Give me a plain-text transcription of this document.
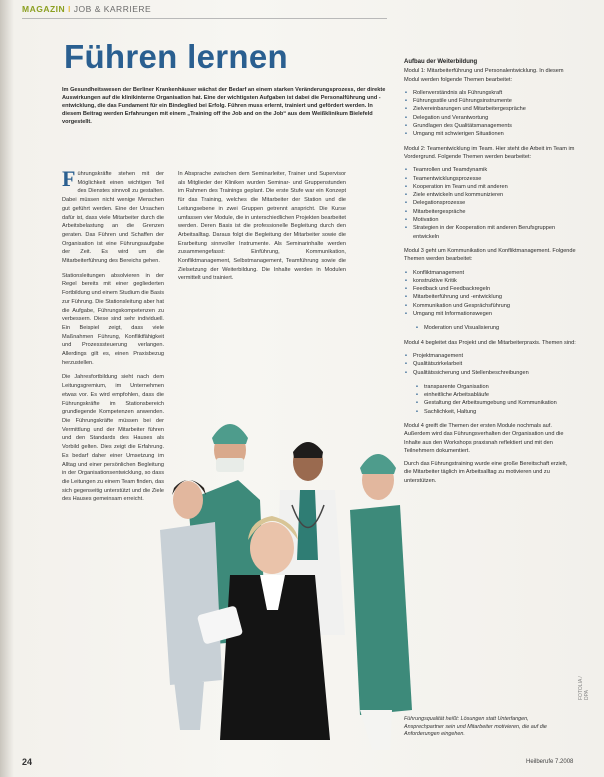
MAGAZIN I JOB & KARRIERE
Führen lernen
Im Gesundheitswesen der Berliner Krankenhäuser wächst der Bedarf an einem starken Veränderungsprozess, der direkte Auswirkungen auf die klinikinterne Organisation hat. Eine der wichtigsten Aufgaben ist dabei die Personalführung und -entwicklung, die das Fundament für ein Bindeglied bei Erfolg. Führen muss erlernt, trainiert und gefördert werden. In diesem Beitrag werden Erfahrungen mit einem „Training off the Job and on the Job“ aus dem Weißklinikum Bielefeld vorgestellt.

Führungskräfte stehen mit der Möglichkeit einen wichtigen Teil des Dienstes sinnvoll zu gestalten. Dabei müssen nicht wenige Menschen gut geführt werden. Eine der Ursachen dafür ist, dass viele Mitarbeiter durch die Arbeitsbelastung an die Grenzen geraten. Das Führen und Schaffen der Organisation ist eine Führungsaufgabe der Zeit. Es wird um die Mitarbeiterführung des Bereichs gehen.

Stationsleitungen absolvieren in der Regel bereits mit einer gegliederten Fortbildung und einem Studium die Basis zur Führung. Die Stationsleitung aber hat die Aufgabe, Führungskompetenzen zu verbessern. Diese sind sehr individuell. Ein Beispiel zeigt, dass viele Maßnahmen Führung, Konfliktfähigkeit und Prozesssteuerung verlangen. Allerdings gilt es, einen Praxisbezug herzustellen.

Die Jahresfortbildung sieht nach dem Leitungsgremium, im Unternehmen etwas vor. Es wird empfohlen, dass die Führungskräfte im Stationsbereich grundlegende Kompetenzen anwenden. Die Führungskräfte müssen bei der Vermittlung und der Mitarbeiter führen und den Standards des Hauses als Vorbild gelten. Dies zeigt die Erfahrung. Es bedarf daher einer Umsetzung im Alltag und einer persönlichen Begleitung in der Organisationsentwicklung, so dass die Leitungen zu einem Team finden, das sich gegenseitig unterstützt und die Ziele des Hauses gemeinsam erreicht.

In Absprache zwischen dem Seminarleiter, Trainer und Supervisor als Mitglieder der Kliniken wurden Seminar- und Gruppenstunden im Rahmen des Trainings geplant. Die erste Stufe war ein Konzept für das Training, welches die Mitarbeiter der Station und die Leitungsebene in zwei Gruppen getrennt anspricht. Die Kurse umfassen vier Module, die in unterschiedlichen Projekten bearbeitet werden. Deren Basis ist die professionelle Begleitung durch den Arbeitsalltag. Daraus folgt die Begleitung der Mitarbeiter sowie die Erarbeitung sinnvoller Instrumente. Als Seminarinhalte werden zusammengefasst: Einführung, Kommunikation, Konfliktmanagement, Selbstmanagement, Teamführung sowie die Zielsetzung der Weiterbildung. Die Inhalte werden in Modulen vermittelt und trainiert.

Aufbau der Weiterbildung

Modul 1: Mitarbeiterführung und Personalentwicklung. In diesem Modul werden folgende Themen bearbeitet:

• Rollenverständnis als Führungskraft
• Führungsstile und Führungsinstrumente
• Zielvereinbarungen und Mitarbeitergespräche
• Delegation und Verantwortung
• Grundlagen des Qualitätsmanagements
• Umgang mit schwierigen Situationen

Modul 2: Teamentwicklung im Team. Hier steht die Arbeit im Team im Vordergrund. Folgende Themen werden bearbeitet:

• Teamrollen und Teamdynamik
• Teamentwicklungsprozesse
• Kooperation im Team und mit anderen
• Ziele entwickeln und kommunizieren
• Delegationsprozesse
• Mitarbeitergespräche
• Motivation
• Strategien in der Kooperation mit anderen Berufsgruppen entwickeln

Modul 3 geht um Kommunikation und Konfliktmanagement. Folgende Themen werden bearbeitet:

• Konfliktmanagement
• konstruktive Kritik
• Feedback und Feedbackregeln
• Mitarbeiterführung und -entwicklung
• Kommunikation und Gesprächsführung
• Umgang mit Informationswegen
• Moderation und Visualisierung

Modul 4 begleitet das Projekt und die Mitarbeiterpraxis. Themen sind:

• Projektmanagement
• Qualitätszirkelarbeit
• Qualitätssicherung und Stellenbeschreibungen
• transparente Organisation
• einheitliche Arbeitsabläufe
• Gestaltung der Arbeitsumgebung und Kommunikation
• Sachlichkeit, Haltung

Modul 4 greift die Themen der ersten Module nochmals auf. Außerdem wird das Führungsverhalten der Organisation und die Inhalte aus den Workshops praxisnah reflektiert und mit den Teilnehmern dokumentiert.

Durch das Führungstraining wurde eine große Bereitschaft erzielt, die Mitarbeiter täglich im Arbeitsalltag zu motivieren und zu unterstützen.

Führungsqualität heißt: Lösungen statt Unterfangen, Ansprechpartner sein und Mitarbeiter motivieren, die auf die Anforderungen eingehen.
FOTOLIA / DPA
24	Heilberufe 7.2008
